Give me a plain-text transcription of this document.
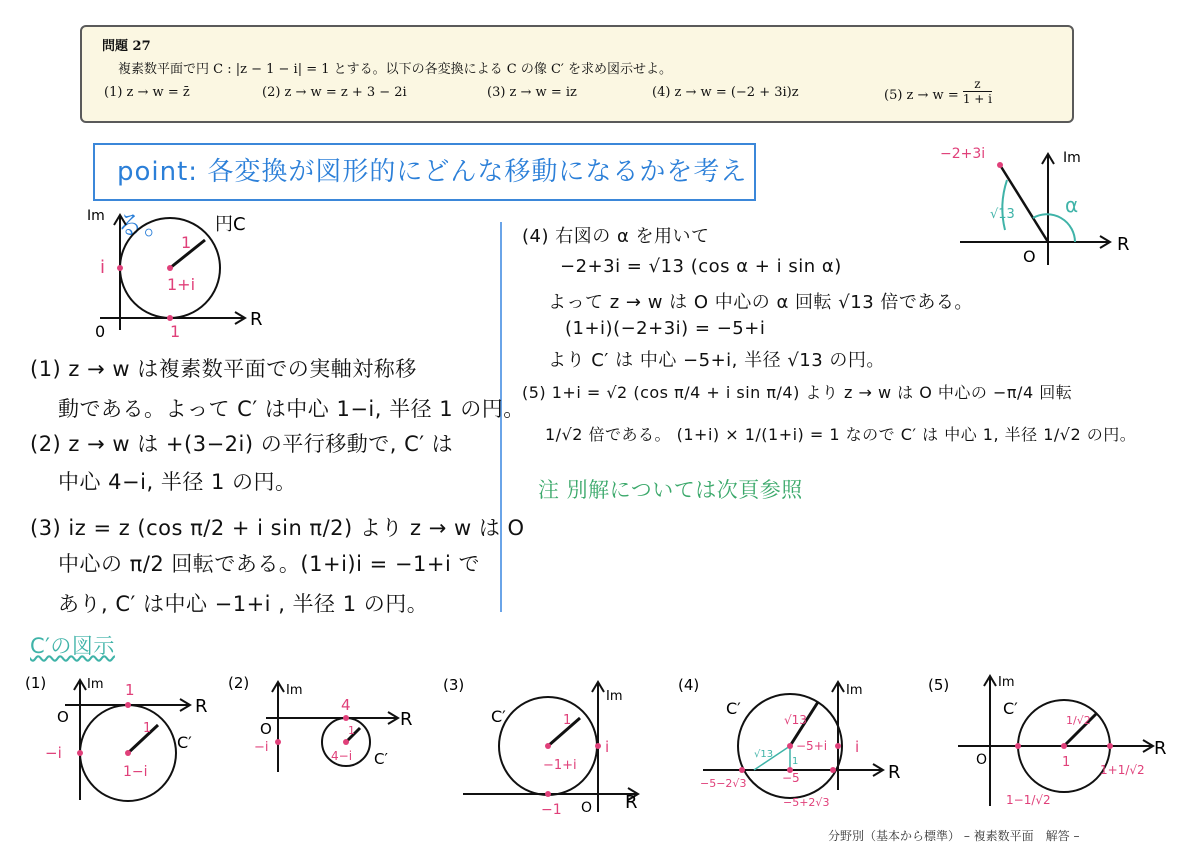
問題 27
複素数平面で円 C : |z − 1 − i| = 1 とする。以下の各変換による C の像 C′ を求め図示せよ。
(1) z → w = z̄	(2) z → w = z + 3 − 2i	(3) z → w = iz	(4) z → w = (−2 + 3i)z	(5) $z \to w = \frac{z}{1 + i}$
point: 各変換が図形的にどんな移動になるかを考える。
Im
R
0
円C
i
1
1+i
1
Im
R
O
−2+3i
√13	α
(1) z → w は複素数平面での実軸対称移
動である。よって C′ は中心 1−i, 半径 1 の円。
(2) z → w は +(3−2i) の平行移動で, C′ は
中心 4−i, 半径 1 の円。
(3) iz = z (cos π/2 + i sin π/2) より z → w は O
中心の π/2 回転である。(1+i)i = −1+i で
あり, C′ は中心 −1+i , 半径 1 の円。
(4) 右図の α を用いて
−2+3i = √13 (cos α + i sin α)
よって z → w は O 中心の α 回転 √13 倍である。
(1+i)(−2+3i) = −5+i
より C′ は 中心 −5+i, 半径 √13 の円。
(5) 1+i = √2 (cos π/4 + i sin π/4) より z → w は O 中心の −π/4 回転
1/√2 倍である。 (1+i) × 1/(1+i) = 1 なので C′ は 中心 1, 半径 1/√2 の円。
注 別解については次頁参照
C′の図示
(1)	Im
R
O
1
−i
1
C′
1−i
(2)	Im
R
O
4
−i
1
C′
4−i
(3)
Im
R
O
−1
i
1
C′
−1+i
(4)	Im
R
C′
√13
−5+i i
√13
1
−5
−5−2√3
−5+2√3
(5)	Im
R
O
C′
1/√2
1
1−1/√2
1+1/√2
分野別（基本から標準） – 複素数平面　解答 –
